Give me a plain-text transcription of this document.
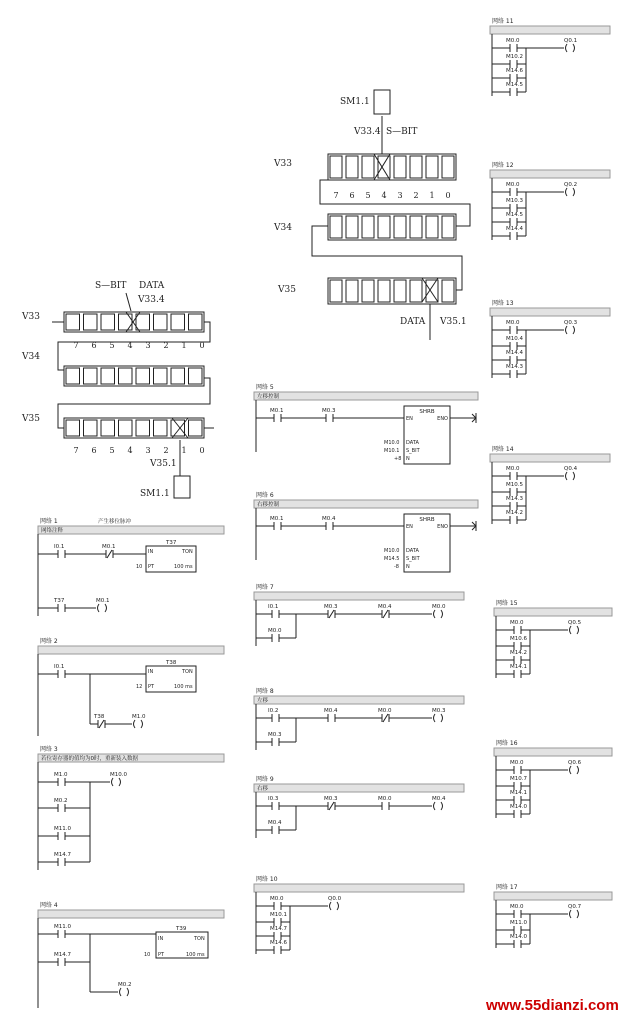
S—BIT DATA
V33.4
V33
V34
V35
7 6 5 4 3 2 1 0
7 6 5 4 3 2 1 0
V35.1
SM1.1
SM1.1
V33.4 S—BIT
V33
V34
V35
7 6 5 4 3 2 1 0
DATA V35.1
网络 11
M0.0	Q0.1
M10.2
M14.6
M14.5
网络 12
M0.0	Q0.2
M10.3
M14.5
M14.4
网络 13
M0.0	Q0.3
M10.4
M14.4
M14.3
网络 14
M0.0	Q0.4
M10.5
M14.3
M14.2
网络 15
M0.0	Q0.5
M10.6
M14.2
M14.1
网络 16
M0.0	Q0.6
M10.7
M14.1
M14.0
网络 17
M0.0	Q0.7
M11.0
M14.0
网络 10
M0.0	Q0.0
M10.1
M14.7
M14.6
网络 1
网络注释
产生移位脉冲
I0.1	M0.1
T37
IN	TON
10 PT	100 ms
T37	M0.1
网络 2
I0.1
T38
IN	TON
12 PT	100 ms
T38	M1.0
网络 3
若位寄存器的值均为0时，重新装入数据
M1.0	M10.0
M0.2
M11.0
M14.7
网络 4
M11.0	T39
IN	TON
10 PT	100 ms
M14.7
M0.2
网络 5
左移控制
M0.1	M0.3	SHRB
EN	ENO
M10.0 DATA
M10.1 S_BIT
+8 N
网络 6
右移控制
M0.1	M0.4	SHRB
EN	ENO
M10.0 DATA
M14.5 S_BIT
-8 N
网络 7
I0.1	M0.3	M0.4	M0.0
M0.0
网络 8
左移
I0.2	M0.4	M0.0	M0.3
M0.3
网络 9
右移
I0.3	M0.3	M0.0	M0.4
M0.4
www.55dianzi.com
